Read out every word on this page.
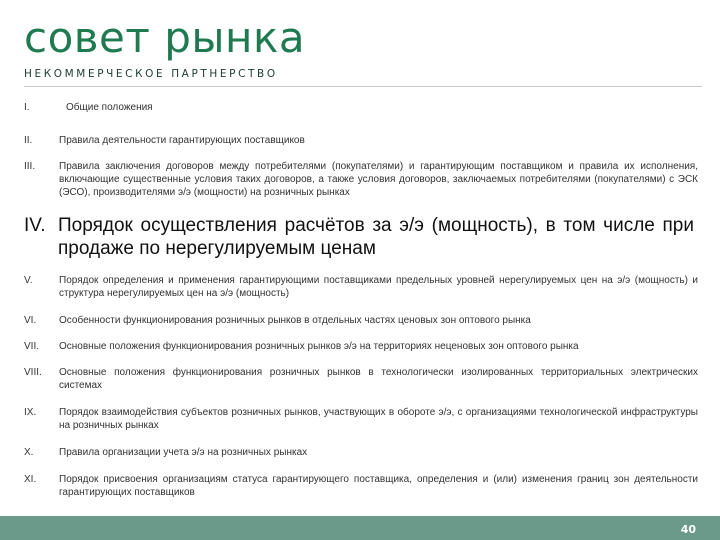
совет рынка
НЕКОММЕРЧЕСКОЕ ПАРТНЕРСТВО
I.	Общие положения
II.	Правила деятельности гарантирующих поставщиков
III.	Правила заключения договоров между потребителями (покупателями) и гарантирующим поставщиком и правила их исполнения, включающие существенные условия таких договоров, а также условия договоров, заключаемых потребителями (покупателями) с ЭСК (ЭСО), производителями э/э (мощности) на розничных рынках
IV. Порядок осуществления расчётов за э/э (мощность), в том числе при продаже по нерегулируемым ценам
V.	Порядок определения и применения гарантирующими поставщиками предельных уровней нерегулируемых цен на э/э (мощность) и структура нерегулируемых цен на э/э (мощность)
VI.	Особенности функционирования розничных рынков в отдельных частях ценовых зон оптового рынка
VII.	Основные положения функционирования розничных рынков э/э на территориях неценовых зон оптового рынка
VIII.	Основные положения функционирования розничных рынков в технологически изолированных территориальных электрических системах
IX.	Порядок взаимодействия субъектов розничных рынков, участвующих в обороте э/э, с организациями технологической инфраструктуры на розничных рынках
X.	Правила организации учета э/э на розничных рынках
XI.	Порядок присвоения организациям статуса гарантирующего поставщика, определения и (или) изменения границ зон деятельности гарантирующих поставщиков
40
